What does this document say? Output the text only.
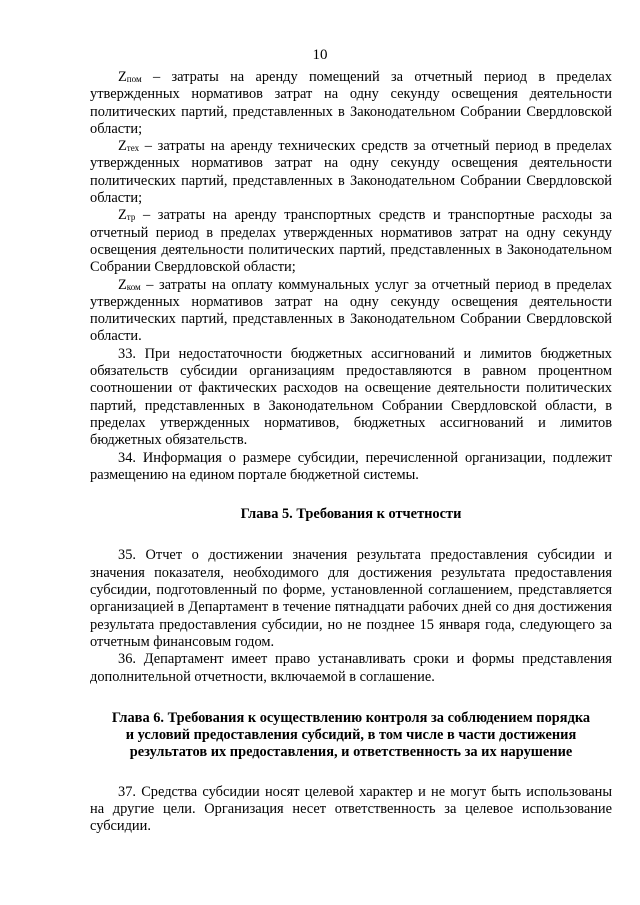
10

$Z_{пом}$ – затраты на аренду помещений за отчетный период в пределах утвержденных нормативов затрат на одну секунду освещения деятельности политических партий, представленных в Законодательном Собрании Свердловской области;

$Z_{тех}$ – затраты на аренду технических средств за отчетный период в пределах утвержденных нормативов затрат на одну секунду освещения деятельности политических партий, представленных в Законодательном Собрании Свердловской области;

$Z_{тр}$ – затраты на аренду транспортных средств и транспортные расходы за отчетный период в пределах утвержденных нормативов затрат на одну секунду освещения деятельности политических партий, представленных в Законодательном Собрании Свердловской области;

$Z_{ком}$ – затраты на оплату коммунальных услуг за отчетный период в пределах утвержденных нормативов затрат на одну секунду освещения деятельности политических партий, представленных в Законодательном Собрании Свердловской области.

33. При недостаточности бюджетных ассигнований и лимитов бюджетных обязательств субсидии организациям предоставляются в равном процентном соотношении от фактических расходов на освещение деятельности политических партий, представленных в Законодательном Собрании Свердловской области, в пределах утвержденных нормативов, бюджетных ассигнований и лимитов бюджетных обязательств.

34. Информация о размере субсидии, перечисленной организации, подлежит размещению на едином портале бюджетной системы.

Глава 5. Требования к отчетности

35. Отчет о достижении значения результата предоставления субсидии и значения показателя, необходимого для достижения результата предоставления субсидии, подготовленный по форме, установленной соглашением, представляется организацией в Департамент в течение пятнадцати рабочих дней со дня достижения результата предоставления субсидии, но не позднее 15 января года, следующего за отчетным финансовым годом.

36. Департамент имеет право устанавливать сроки и формы представления дополнительной отчетности, включаемой в соглашение.

Глава 6. Требования к осуществлению контроля за соблюдением порядка
и условий предоставления субсидий, в том числе в части достижения
результатов их предоставления, и ответственность за их нарушение

37. Средства субсидии носят целевой характер и не могут быть использованы на другие цели. Организация несет ответственность за целевое использование субсидии.
